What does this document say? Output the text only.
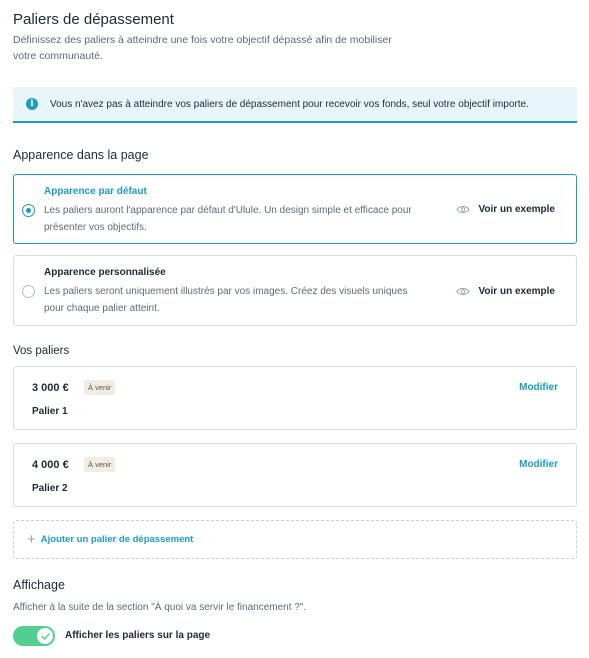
Paliers de dépassement
Définissez des paliers à atteindre une fois votre objectif dépassé afin de mobiliser votre communauté.
i	Vous n'avez pas à atteindre vos paliers de dépassement pour recevoir vos fonds, seul votre objectif importe.
Apparence dans la page
Apparence par défaut
Les paliers auront l'apparence par défaut d'Ulule. Un design simple et efficace pour présenter vos objectifs.
Voir un exemple
Apparence personnalisée
Les paliers seront uniquement illustrés par vos images. Créez des visuels uniques pour chaque palier atteint.
Voir un exemple
Vos paliers
3 000 €	À venir
Palier 1
Modifier
4 000 €	À venir
Palier 2
Modifier
+ Ajouter un palier de dépassement
Affichage
Afficher à la suite de la section "À quoi va servir le financement ?".
Afficher les paliers sur la page
